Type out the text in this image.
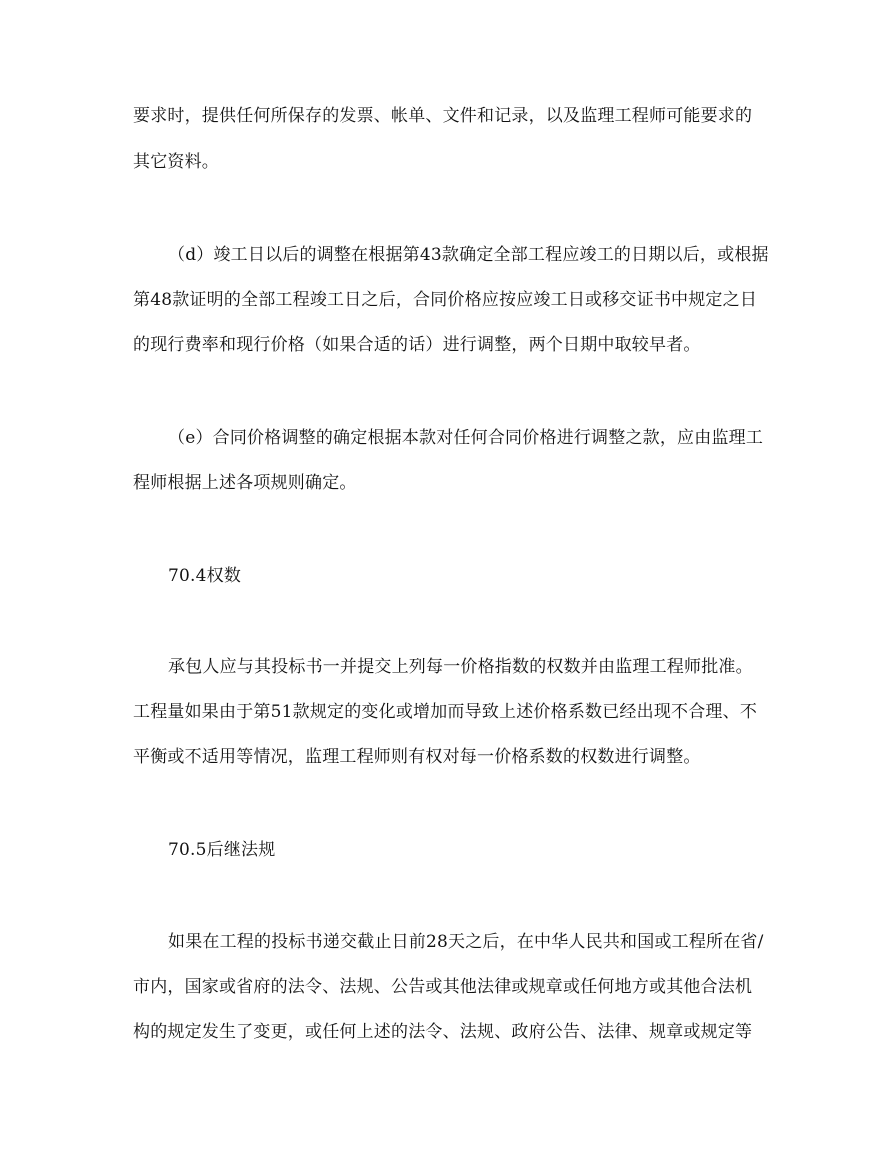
要求时，提供任何所保存的发票、帐单、文件和记录，以及监理工程师可能要求的
其它资料。
（d）竣工日以后的调整在根据第43款确定全部工程应竣工的日期以后，或根据
第48款证明的全部工程竣工日之后，合同价格应按应竣工日或移交证书中规定之日
的现行费率和现行价格（如果合适的话）进行调整，两个日期中取较早者。
（e）合同价格调整的确定根据本款对任何合同价格进行调整之款，应由监理工
程师根据上述各项规则确定。
70.4权数
承包人应与其投标书一并提交上列每一价格指数的权数并由监理工程师批准。
工程量如果由于第51款规定的变化或增加而导致上述价格系数已经出现不合理、不
平衡或不适用等情况，监理工程师则有权对每一价格系数的权数进行调整。
70.5后继法规
如果在工程的投标书递交截止日前28天之后，在中华人民共和国或工程所在省/
市内，国家或省府的法令、法规、公告或其他法律或规章或任何地方或其他合法机
构的规定发生了变更，或任何上述的法令、法规、政府公告、法律、规章或规定等
